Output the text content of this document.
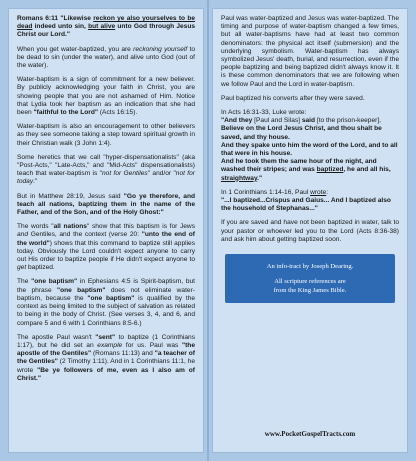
Romans 6:11 "Likewise reckon ye also yourselves to be dead indeed unto sin, but alive unto God through Jesus Christ our Lord."

When you get water-baptized, you are reckoning yourself to be dead to sin (under the water), and alive unto God (out of the water).

Water-baptism is a sign of commitment for a new believer. By publicly acknowledging your faith in Christ, you are showing people that you are not ashamed of Him. Notice that Lydia took her baptism as an indication that she had been "faithful to the Lord" (Acts 16:15).

Water-baptism is also an encouragement to other believers as they see someone taking a step toward spiritual growth in their Christian walk (3 John 1:4).

Some heretics that we call "hyper-dispensationalists" (aka "Post-Acts," "Late-Acts," and "Mid-Acts" dispensationalists) teach that water-baptism is "not for Gentiles" and/or "not for today."

But in Matthew 28:19, Jesus said "Go ye therefore, and teach all nations, baptizing them in the name of the Father, and of the Son, and of the Holy Ghost:"

The words "all nations" show that this baptism is for Jews and Gentiles, and the context (verse 20: "unto the end of the world") shows that this command to baptize still applies today. Obviously the Lord couldn't expect anyone to carry out His order to baptize people if He didn't expect anyone to get baptized.

The "one baptism" in Ephesians 4:5 is Spirit-baptism, but the phrase "one baptism" does not eliminate water-baptism, because the "one baptism" is qualified by the context as being limited to the subject of salvation as related to being in the body of Christ. (See verses 3, 4, and 6, and compare 5 and 6 with 1 Corinthians 8:5-6.)

The apostle Paul wasn't "sent" to baptize (1 Corinthians 1:17), but he did set an example for us. Paul was "the apostle of the Gentiles" (Romans 11:13) and "a teacher of the Gentiles" (2 Timothy 1:11). And in 1 Corinthians 11:1, he wrote "Be ye followers of me, even as I also am of Christ."

Paul was water-baptized and Jesus was water-baptized. The timing and purpose of water-baptism changed a few times, but all water-baptisms have had at least two common denominators: the physical act itself (submersion) and the underlying symbolism. Water-baptism has always symbolized Jesus' death, burial, and resurrection, even if the people baptizing and being baptized didn't always know it. It is these common denominators that we are following when we follow Paul and the Lord in water-baptism.

Paul baptized his converts after they were saved.

In Acts 16:31-33, Luke wrote:
"And they [Paul and Silas] said [to the prison-keeper], Believe on the Lord Jesus Christ, and thou shalt be saved, and thy house.
And they spake unto him the word of the Lord, and to all that were in his house.
And he took them the same hour of the night, and washed their stripes; and was baptized, he and all his, straightway."

In 1 Corinthians 1:14-16, Paul wrote:
"...I baptized...Crispus and Gaius... And I baptized also the household of Stephanas..."

If you are saved and have not been baptized in water, talk to your pastor or whoever led you to the Lord (Acts 8:36-38) and ask him about getting baptized soon.

An info-tract by Joseph Dearing.
All scripture references are
from the King James Bible.
www.PocketGospelTracts.com
